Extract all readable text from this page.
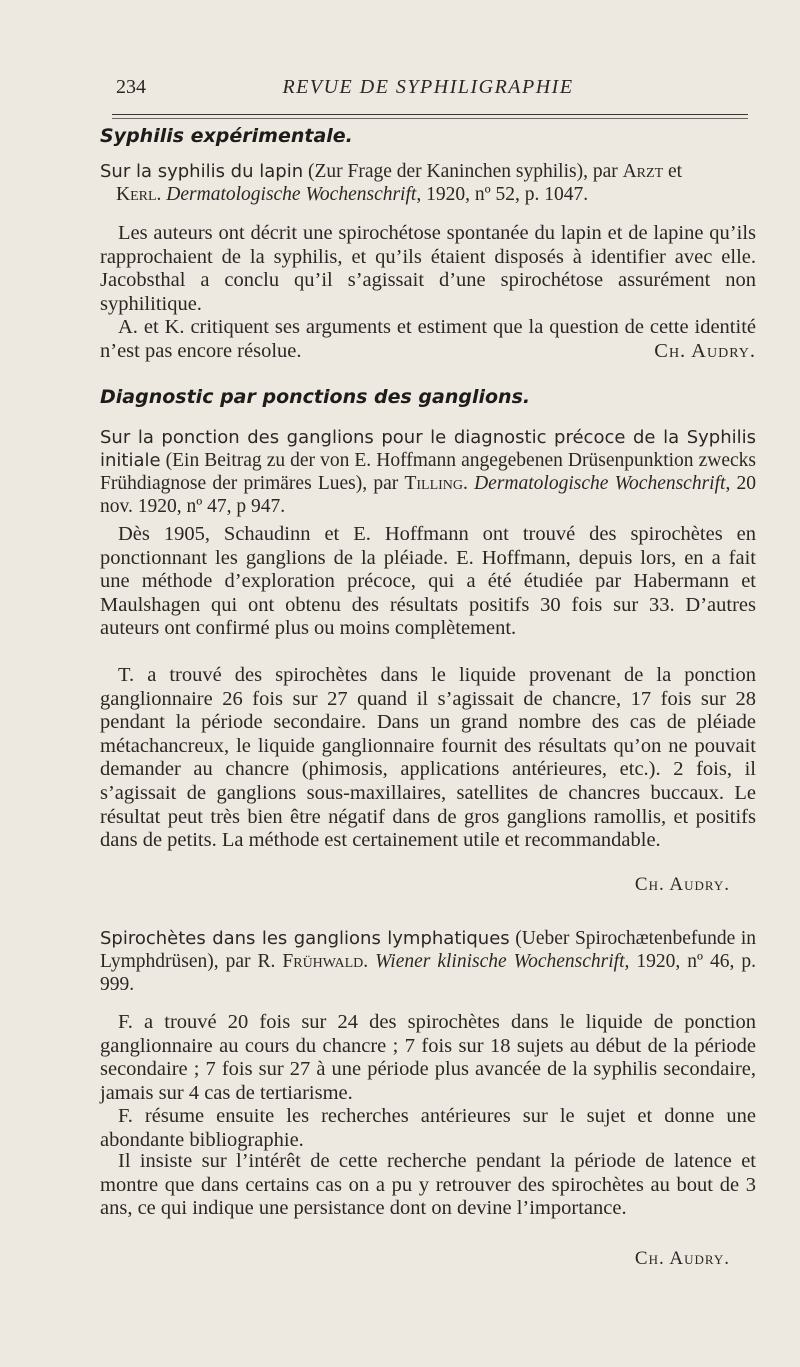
234	REVUE DE SYPHILIGRAPHIE
Syphilis expérimentale.
Sur la syphilis du lapin (Zur Frage der Kaninchen syphilis), par Arzt et
Kerl. Dermatologische Wochenschrift, 1920, nº 52, p. 1047.
Les auteurs ont décrit une spirochétose spontanée du lapin et de lapine qu’ils rapprochaient de la syphilis, et qu’ils étaient disposés à identifier avec elle. Jacobsthal a conclu qu’il s’agissait d’une spirochétose assurément non syphilitique.
A. et K. critiquent ses arguments et estiment que la question de cette identité n’est pas encore résolue.	Ch. Audry.
Diagnostic par ponctions des ganglions.
Sur la ponction des ganglions pour le diagnostic précoce de la Syphilis initiale (Ein Beitrag zu der von E. Hoffmann angegebenen Drüsenpunktion zwecks Frühdiagnose der primäres Lues), par Tilling. Dermatologische Wochenschrift, 20 nov. 1920, nº 47, p 947.
Dès 1905, Schaudinn et E. Hoffmann ont trouvé des spirochètes en ponctionnant les ganglions de la pléiade. E. Hoffmann, depuis lors, en a fait une méthode d’exploration précoce, qui a été étudiée par Habermann et Maulshagen qui ont obtenu des résultats positifs 30 fois sur 33. D’autres auteurs ont confirmé plus ou moins complètement.
T. a trouvé des spirochètes dans le liquide provenant de la ponction ganglionnaire 26 fois sur 27 quand il s’agissait de chancre, 17 fois sur 28 pendant la période secondaire. Dans un grand nombre des cas de pléiade métachancreux, le liquide ganglionnaire fournit des résultats qu’on ne pouvait demander au chancre (phimosis, applications antérieures, etc.). 2 fois, il s’agissait de ganglions sous-maxillaires, satellites de chancres buccaux. Le résultat peut très bien être négatif dans de gros ganglions ramollis, et positifs dans de petits. La méthode est certainement utile et recommandable.
Ch. Audry.
Spirochètes dans les ganglions lymphatiques (Ueber Spirochætenbefunde in Lymphdrüsen), par R. Frühwald. Wiener klinische Wochenschrift, 1920, nº 46, p. 999.
F. a trouvé 20 fois sur 24 des spirochètes dans le liquide de ponction ganglionnaire au cours du chancre ; 7 fois sur 18 sujets au début de la période secondaire ; 7 fois sur 27 à une période plus avancée de la syphilis secondaire, jamais sur 4 cas de tertiarisme.
F. résume ensuite les recherches antérieures sur le sujet et donne une abondante bibliographie.
Il insiste sur l’intérêt de cette recherche pendant la période de latence et montre que dans certains cas on a pu y retrouver des spirochètes au bout de 3 ans, ce qui indique une persistance dont on devine l’importance.
Ch. Audry.
